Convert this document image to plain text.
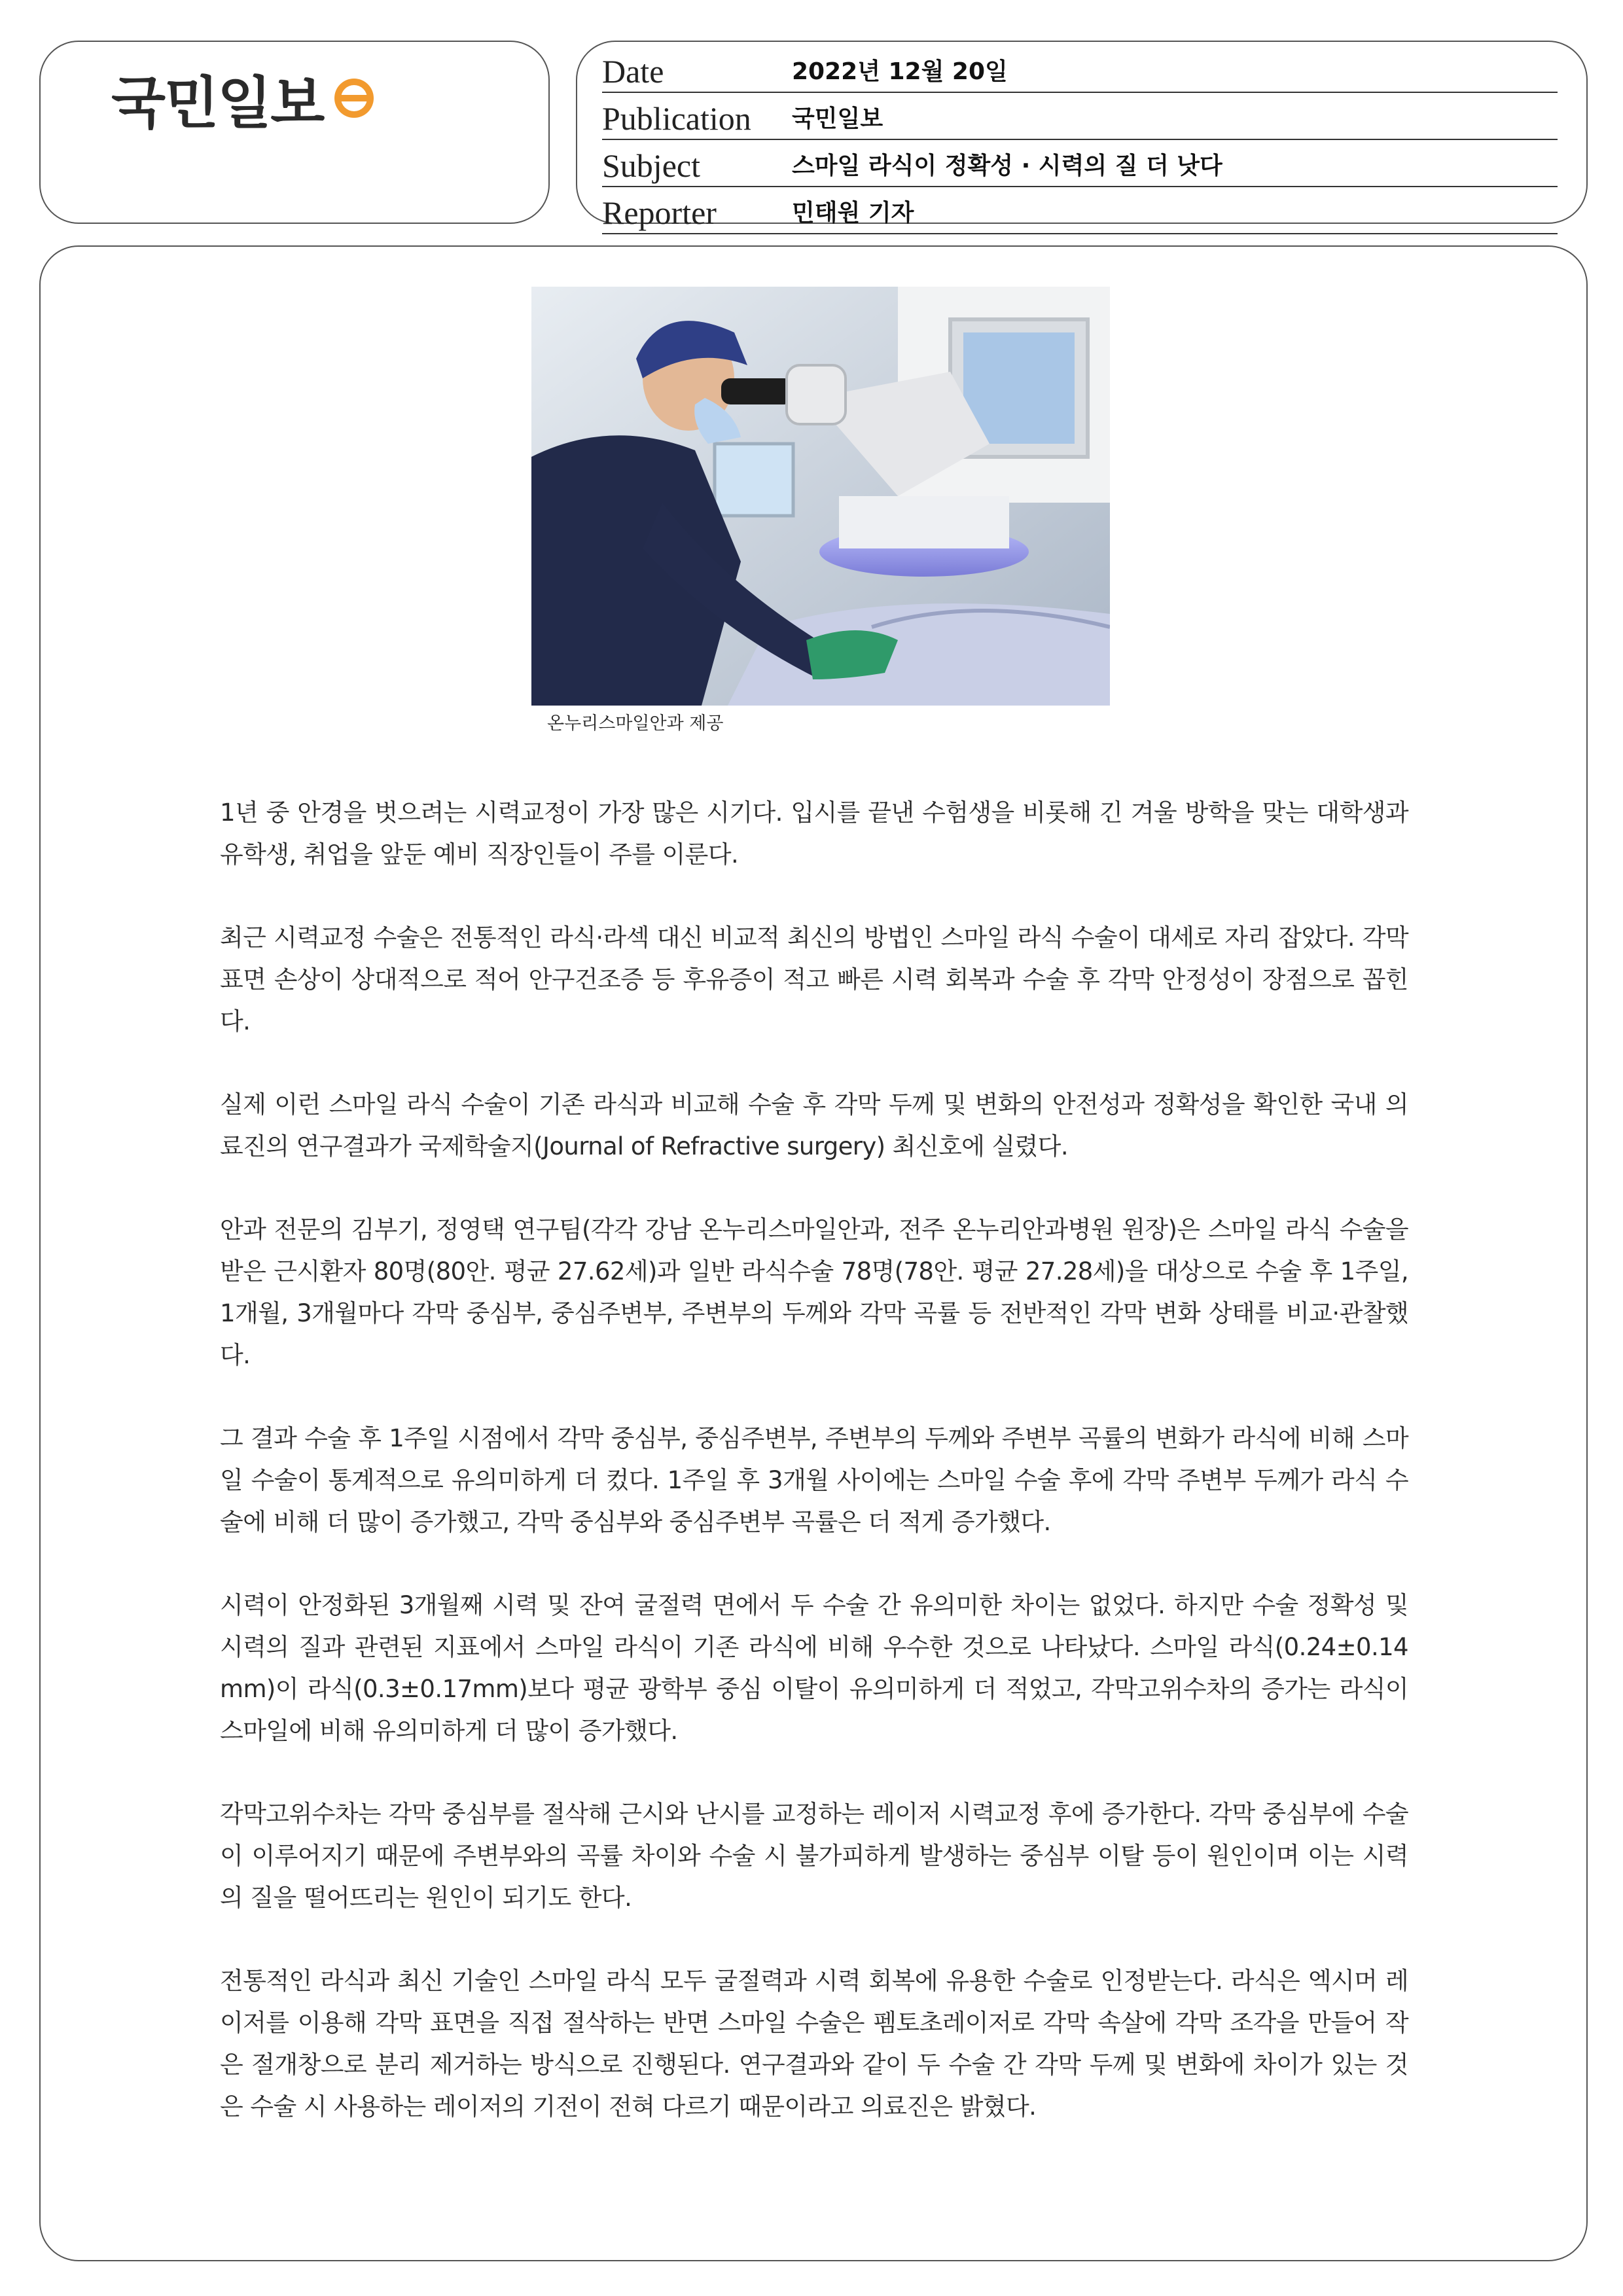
국민일보	Date	2022년 12월 20일
Publication	국민일보
Subject	스마일 라식이 정확성 · 시력의 질 더 낫다
Reporter	민태원 기자
온누리스마일안과 제공

1년 중 안경을 벗으려는 시력교정이 가장 많은 시기다. 입시를 끝낸 수험생을 비롯해 긴 겨울 방학을 맞는 대학생과 유학생, 취업을 앞둔 예비 직장인들이 주를 이룬다.

최근 시력교정 수술은 전통적인 라식·라섹 대신 비교적 최신의 방법인 스마일 라식 수술이 대세로 자리 잡았다. 각막 표면 손상이 상대적으로 적어 안구건조증 등 후유증이 적고 빠른 시력 회복과 수술 후 각막 안정성이 장점으로 꼽힌다.

실제 이런 스마일 라식 수술이 기존 라식과 비교해 수술 후 각막 두께 및 변화의 안전성과 정확성을 확인한 국내 의료진의 연구결과가 국제학술지(Journal of Refractive surgery) 최신호에 실렸다.

안과 전문의 김부기, 정영택 연구팀(각각 강남 온누리스마일안과, 전주 온누리안과병원 원장)은 스마일 라식 수술을 받은 근시환자 80명(80안. 평균 27.62세)과 일반 라식수술 78명(78안. 평균 27.28세)을 대상으로 수술 후 1주일, 1개월, 3개월마다 각막 중심부, 중심주변부, 주변부의 두께와 각막 곡률 등 전반적인 각막 변화 상태를 비교·관찰했다.

그 결과 수술 후 1주일 시점에서 각막 중심부, 중심주변부, 주변부의 두께와 주변부 곡률의 변화가 라식에 비해 스마일 수술이 통계적으로 유의미하게 더 컸다. 1주일 후 3개월 사이에는 스마일 수술 후에 각막 주변부 두께가 라식 수술에 비해 더 많이 증가했고, 각막 중심부와 중심주변부 곡률은 더 적게 증가했다.

시력이 안정화된 3개월째 시력 및 잔여 굴절력 면에서 두 수술 간 유의미한 차이는 없었다. 하지만 수술 정확성 및 시력의 질과 관련된 지표에서 스마일 라식이 기존 라식에 비해 우수한 것으로 나타났다. 스마일 라식(0.24±0.14 mm)이 라식(0.3±0.17mm)보다 평균 광학부 중심 이탈이 유의미하게 더 적었고, 각막고위수차의 증가는 라식이 스마일에 비해 유의미하게 더 많이 증가했다.

각막고위수차는 각막 중심부를 절삭해 근시와 난시를 교정하는 레이저 시력교정 후에 증가한다. 각막 중심부에 수술이 이루어지기 때문에 주변부와의 곡률 차이와 수술 시 불가피하게 발생하는 중심부 이탈 등이 원인이며 이는 시력의 질을 떨어뜨리는 원인이 되기도 한다.

전통적인 라식과 최신 기술인 스마일 라식 모두 굴절력과 시력 회복에 유용한 수술로 인정받는다. 라식은 엑시머 레이저를 이용해 각막 표면을 직접 절삭하는 반면 스마일 수술은 펨토초레이저로 각막 속살에 각막 조각을 만들어 작은 절개창으로 분리 제거하는 방식으로 진행된다. 연구결과와 같이 두 수술 간 각막 두께 및 변화에 차이가 있는 것은 수술 시 사용하는 레이저의 기전이 전혀 다르기 때문이라고 의료진은 밝혔다.
